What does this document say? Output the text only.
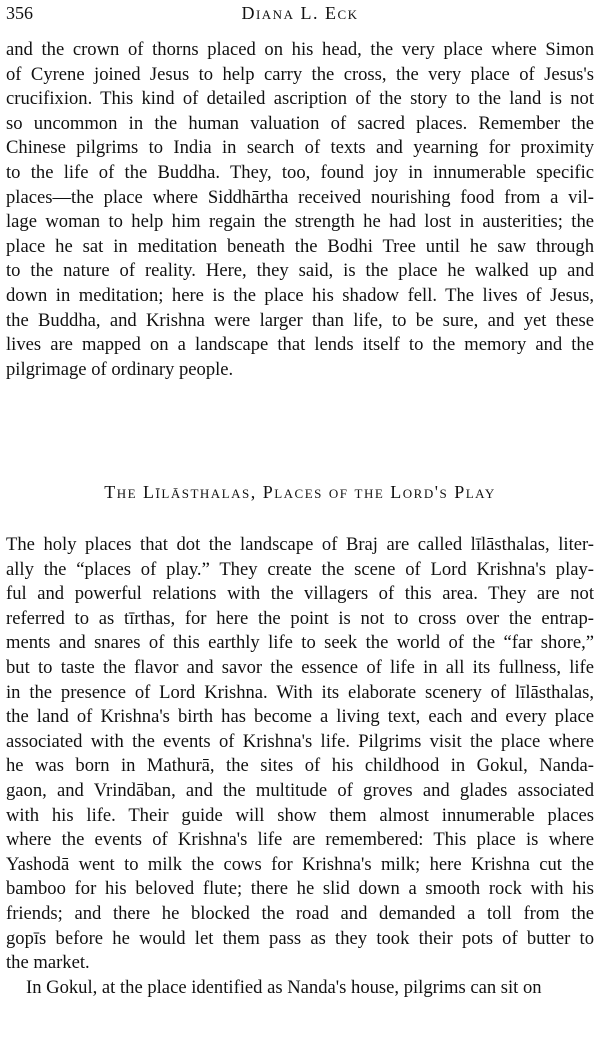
356	Diana L. Eck
and the crown of thorns placed on his head, the very place where Simon
of Cyrene joined Jesus to help carry the cross, the very place of Jesus's
crucifixion. This kind of detailed ascription of the story to the land is not
so uncommon in the human valuation of sacred places. Remember the
Chinese pilgrims to India in search of texts and yearning for proximity
to the life of the Buddha. They, too, found joy in innumerable specific
places—the place where Siddhārtha received nourishing food from a vil-
lage woman to help him regain the strength he had lost in austerities; the
place he sat in meditation beneath the Bodhi Tree until he saw through
to the nature of reality. Here, they said, is the place he walked up and
down in meditation; here is the place his shadow fell. The lives of Jesus,
the Buddha, and Krishna were larger than life, to be sure, and yet these
lives are mapped on a landscape that lends itself to the memory and the
pilgrimage of ordinary people.
The Līlāsthalas, Places of the Lord's Play
The holy places that dot the landscape of Braj are called līlāsthalas, liter-
ally the “places of play.” They create the scene of Lord Krishna's play-
ful and powerful relations with the villagers of this area. They are not
referred to as tīrthas, for here the point is not to cross over the entrap-
ments and snares of this earthly life to seek the world of the “far shore,”
but to taste the flavor and savor the essence of life in all its fullness, life
in the presence of Lord Krishna. With its elaborate scenery of līlāsthalas,
the land of Krishna's birth has become a living text, each and every place
associated with the events of Krishna's life. Pilgrims visit the place where
he was born in Mathurā, the sites of his childhood in Gokul, Nanda-
gaon, and Vrindāban, and the multitude of groves and glades associated
with his life. Their guide will show them almost innumerable places
where the events of Krishna's life are remembered: This place is where
Yashodā went to milk the cows for Krishna's milk; here Krishna cut the
bamboo for his beloved flute; there he slid down a smooth rock with his
friends; and there he blocked the road and demanded a toll from the
gopīs before he would let them pass as they took their pots of butter to
the market.
In Gokul, at the place identified as Nanda's house, pilgrims can sit on
